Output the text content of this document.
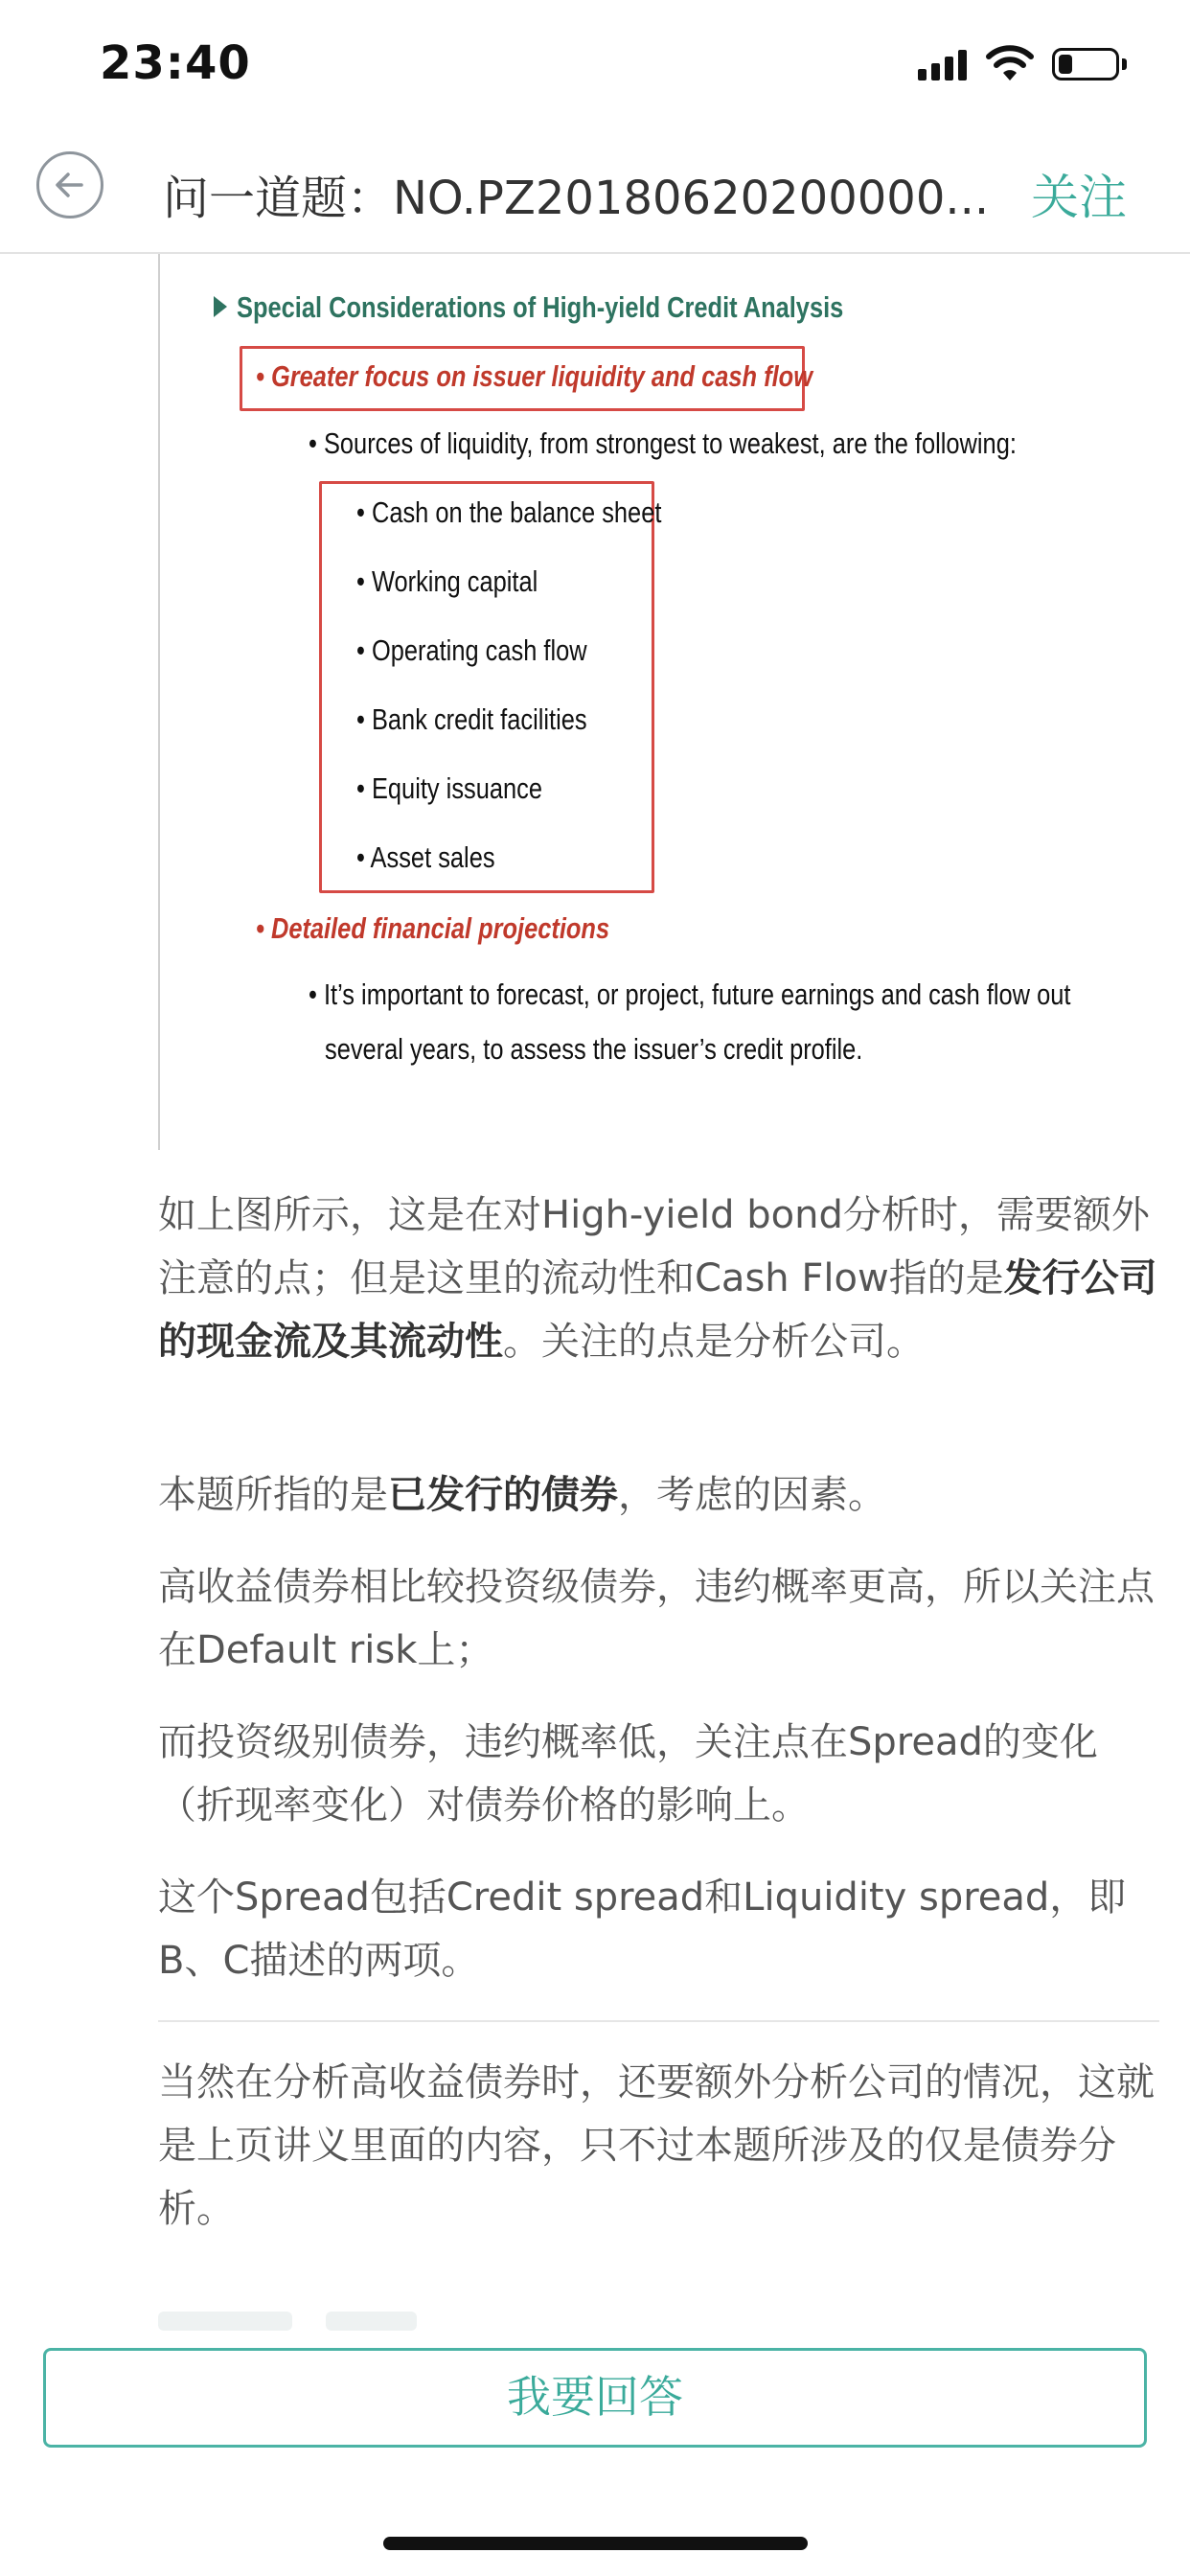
23:40
问一道题：NO.PZ20180620200000... 关注
Special Considerations of High-yield Credit Analysis
• Greater focus on issuer liquidity and cash flow
• Sources of liquidity, from strongest to weakest, are the following:
• Cash on the balance sheet
• Working capital
• Operating cash flow
• Bank credit facilities
• Equity issuance
• Asset sales
• Detailed financial projections
• It’s important to forecast, or project, future earnings and cash flow out
several years, to assess the issuer’s credit profile.
如上图所示，这是在对High-yield bond分析时，需要额外注意的点；但是这里的流动性和Cash Flow指的是发行公司的现金流及其流动性。关注的点是分析公司。
本题所指的是已发行的债券，考虑的因素。
高收益债券相比较投资级债券，违约概率更高，所以关注点在Default risk上；
而投资级别债券，违约概率低，关注点在Spread的变化（折现率变化）对债券价格的影响上。
这个Spread包括Credit spread和Liquidity spread，即B、C描述的两项。
当然在分析高收益债券时，还要额外分析公司的情况，这就是上页讲义里面的内容，只不过本题所涉及的仅是债券分析。
我要回答
